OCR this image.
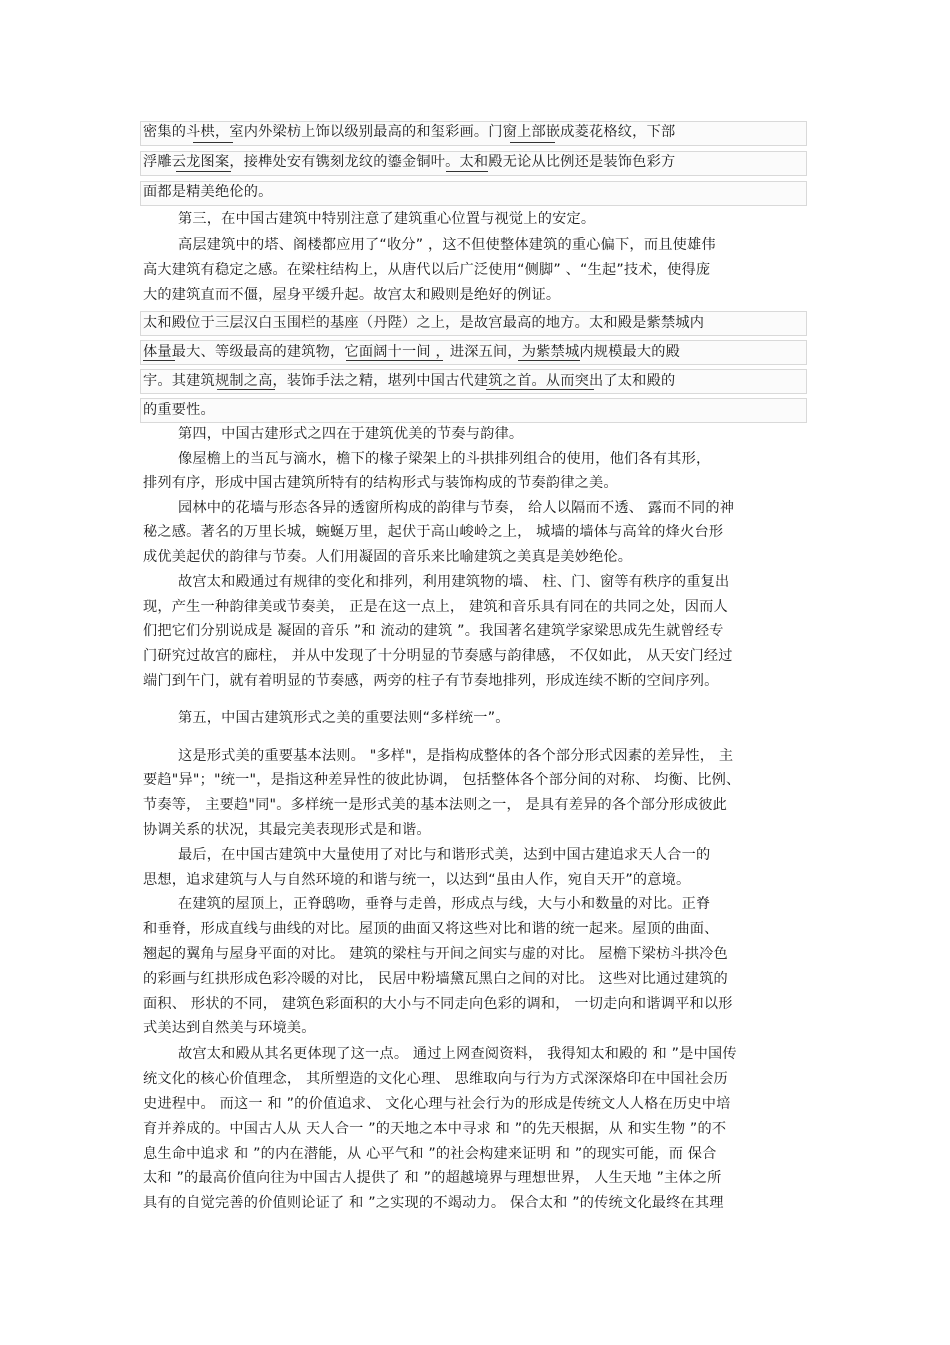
密集的斗栱，室内外梁枋上饰以级别最高的和玺彩画。门窗上部嵌成菱花格纹，下部
浮雕云龙图案，接榫处安有镌刻龙纹的鎏金铜叶。太和殿无论从比例还是装饰色彩方
面都是精美绝伦的。
第三，在中国古建筑中特别注意了建筑重心位置与视觉上的安定。
高层建筑中的塔、阁楼都应用了“收分” ，这不但使整体建筑的重心偏下，而且使雄伟
高大建筑有稳定之感。在梁柱结构上，从唐代以后广泛使用“侧脚” 、“生起”技术，使得庞
大的建筑直而不僵，屋身平缓升起。故宫太和殿则是绝好的例证。
太和殿位于三层汉白玉围栏的基座（丹陛）之上，是故宫最高的地方。太和殿是紫禁城内
体量最大、等级最高的建筑物，它面阔十一间 ，进深五间，为紫禁城内规模最大的殿
宇。其建筑规制之高，装饰手法之精，堪列中国古代建筑之首。从而突出了太和殿的
的重要性。
第四，中国古建形式之四在于建筑优美的节奏与韵律。
像屋檐上的当瓦与滴水，檐下的椽子梁架上的斗拱排列组合的使用，他们各有其形，
排列有序，形成中国古建筑所特有的结构形式与装饰构成的节奏韵律之美。
园林中的花墙与形态各异的透窗所构成的韵律与节奏， 给人以隔而不透、 露而不同的神
秘之感。著名的万里长城，蜿蜒万里，起伏于高山峻岭之上， 城墙的墙体与高耸的烽火台形
成优美起伏的韵律与节奏。人们用凝固的音乐来比喻建筑之美真是美妙绝伦。
故宫太和殿通过有规律的变化和排列，利用建筑物的墙、 柱、门、窗等有秩序的重复出
现，产生一种韵律美或节奏美， 正是在这一点上， 建筑和音乐具有同在的共同之处，因而人
们把它们分别说成是 凝固的音乐 ”和 流动的建筑 ”。我国著名建筑学家梁思成先生就曾经专
门研究过故宫的廊柱， 并从中发现了十分明显的节奏感与韵律感， 不仅如此， 从天安门经过
端门到午门，就有着明显的节奏感，两旁的柱子有节奏地排列，形成连续不断的空间序列。
第五，中国古建筑形式之美的重要法则“多样统一”。
这是形式美的重要基本法则。 "多样"，是指构成整体的各个部分形式因素的差异性， 主
要趋"异"；"统一"，是指这种差异性的彼此协调， 包括整体各个部分间的对称、 均衡、比例、
节奏等， 主要趋"同"。多样统一是形式美的基本法则之一， 是具有差异的各个部分形成彼此
协调关系的状况，其最完美表现形式是和谐。
最后，在中国古建筑中大量使用了对比与和谐形式美，达到中国古建追求天人合一的
思想，追求建筑与人与自然环境的和谐与统一，以达到“虽由人作，宛自天开”的意境。
在建筑的屋顶上，正脊鸱吻，垂脊与走兽，形成点与线，大与小和数量的对比。正脊
和垂脊，形成直线与曲线的对比。屋顶的曲面又将这些对比和谐的统一起来。屋顶的曲面、
翘起的翼角与屋身平面的对比。 建筑的梁柱与开间之间实与虚的对比。 屋檐下梁枋斗拱冷色
的彩画与红拱形成色彩冷暖的对比， 民居中粉墙黛瓦黑白之间的对比。 这些对比通过建筑的
面积、 形状的不同， 建筑色彩面积的大小与不同走向色彩的调和， 一切走向和谐调平和以形
式美达到自然美与环境美。
故宫太和殿从其名更体现了这一点。 通过上网查阅资料， 我得知太和殿的 和 ”是中国传
统文化的核心价值理念， 其所塑造的文化心理、 思维取向与行为方式深深烙印在中国社会历
史进程中。 而这一 和 ”的价值追求、 文化心理与社会行为的形成是传统文人人格在历史中培
育并养成的。中国古人从 天人合一 ”的天地之本中寻求 和 ”的先天根据，从 和实生物 ”的不
息生命中追求 和 ”的内在潜能，从 心平气和 ”的社会构建来证明 和 ”的现实可能，而 保合
太和 ”的最高价值向往为中国古人提供了 和 ”的超越境界与理想世界， 人生天地 ”主体之所
具有的自觉完善的价值则论证了 和 ”之实现的不竭动力。 保合太和 ”的传统文化最终在其理
